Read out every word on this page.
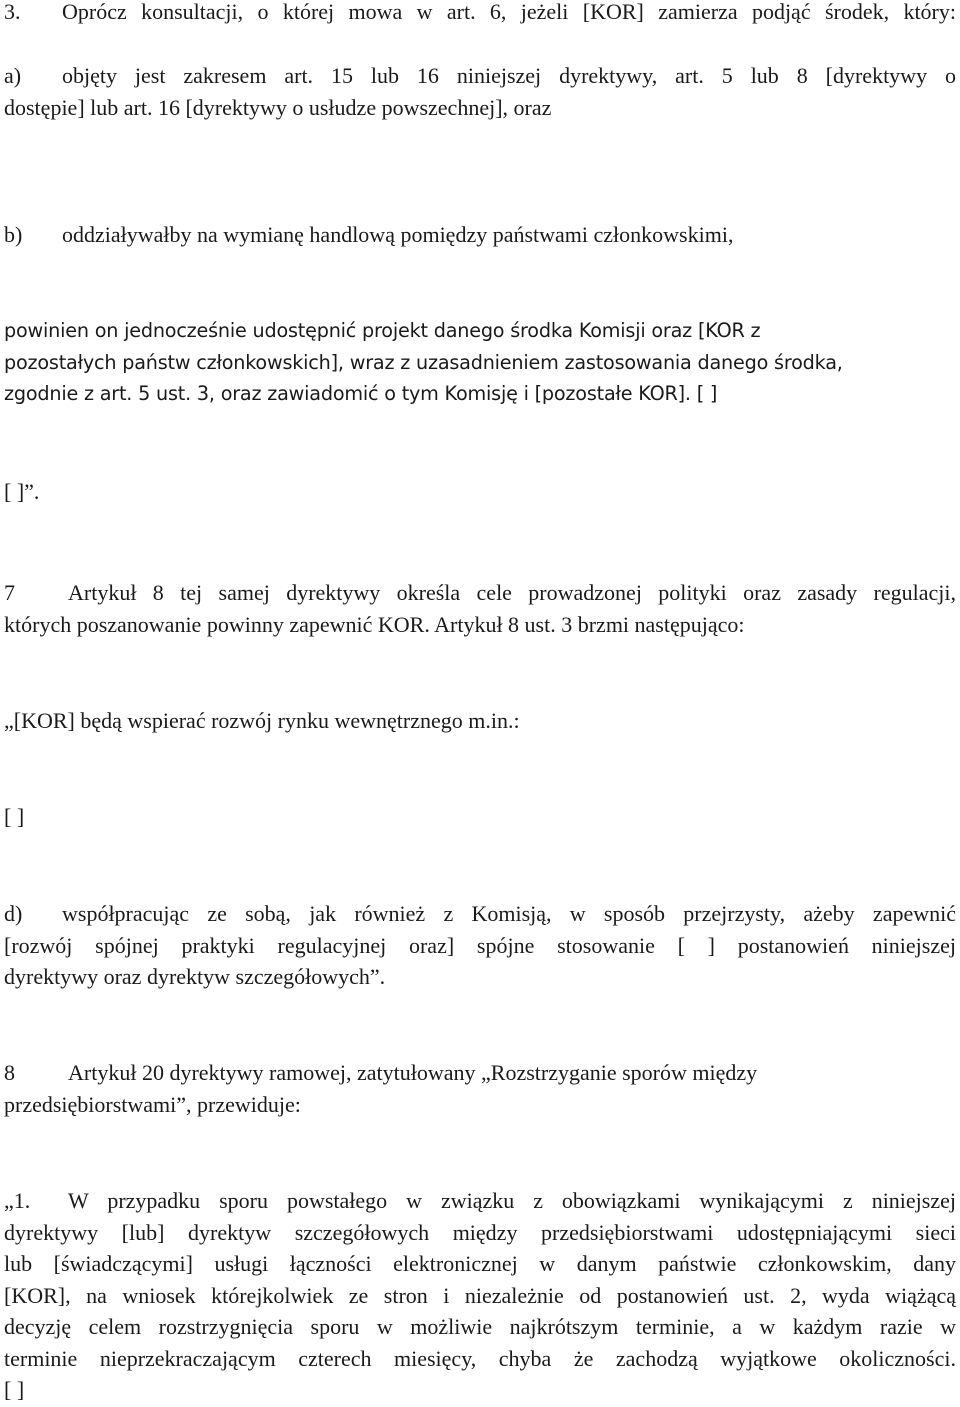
3. Oprócz konsultacji, o której mowa w art. 6, jeżeli [KOR] zamierza podjąć środek, który:
a) objęty jest zakresem art. 15 lub 16 niniejszej dyrektywy, art. 5 lub 8 [dyrektywy o
dostępie] lub art. 16 [dyrektywy o usłudze powszechnej], oraz
b) oddziaływałby na wymianę handlową pomiędzy państwami członkowskimi,
powinien on jednocześnie udostępnić projekt danego środka Komisji oraz [KOR z
pozostałych państw członkowskich], wraz z uzasadnieniem zastosowania danego środka,
zgodnie z art. 5 ust. 3, oraz zawiadomić o tym Komisję i [pozostałe KOR]. [ ]
[ ]”.
7 Artykuł 8 tej samej dyrektywy określa cele prowadzonej polityki oraz zasady regulacji,
których poszanowanie powinny zapewnić KOR. Artykuł 8 ust. 3 brzmi następująco:
„[KOR] będą wspierać rozwój rynku wewnętrznego m.in.:
[ ]
d) współpracując ze sobą, jak również z Komisją, w sposób przejrzysty, ażeby zapewnić
[rozwój spójnej praktyki regulacyjnej oraz] spójne stosowanie [ ] postanowień niniejszej
dyrektywy oraz dyrektyw szczegółowych”.
8 Artykuł 20 dyrektywy ramowej, zatytułowany „Rozstrzyganie sporów między
przedsiębiorstwami”, przewiduje:
„1. W przypadku sporu powstałego w związku z obowiązkami wynikającymi z niniejszej
dyrektywy [lub] dyrektyw szczegółowych między przedsiębiorstwami udostępniającymi sieci
lub [świadczącymi] usługi łączności elektronicznej w danym państwie członkowskim, dany
[KOR], na wniosek którejkolwiek ze stron i niezależnie od postanowień ust. 2, wyda wiążącą
decyzję celem rozstrzygnięcia sporu w możliwie najkrótszym terminie, a w każdym razie w
terminie nieprzekraczającym czterech miesięcy, chyba że zachodzą wyjątkowe okoliczności.
[ ]
